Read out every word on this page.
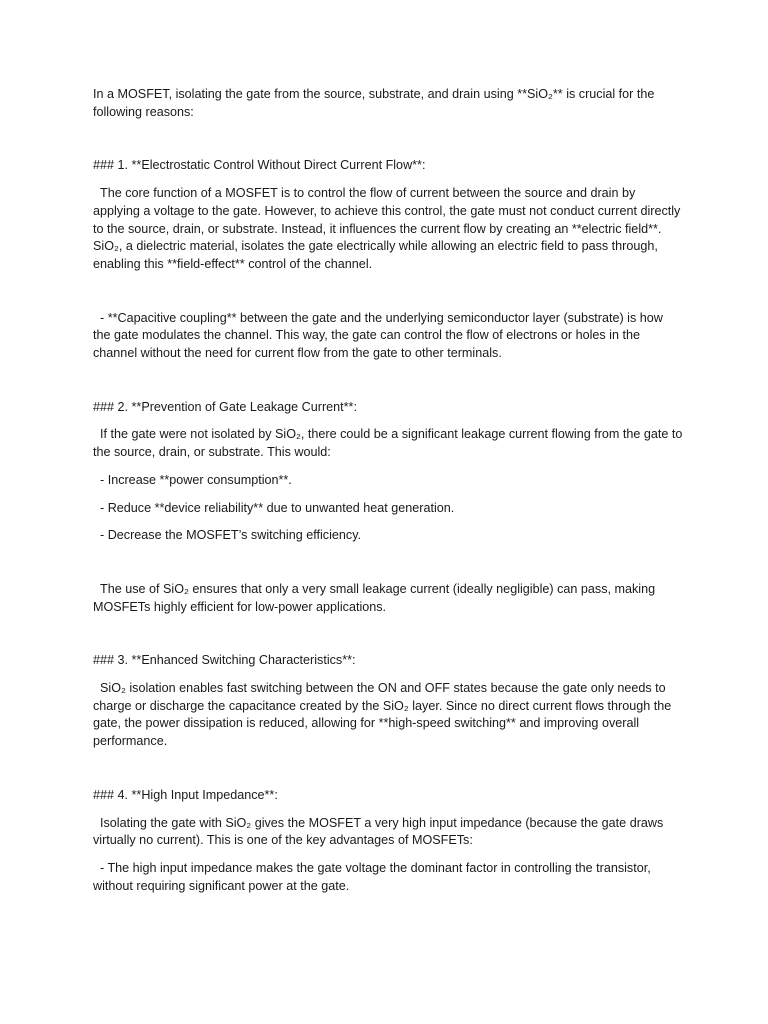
In a MOSFET, isolating the gate from the source, substrate, and drain using **SiO₂** is crucial for the following reasons:

### 1. **Electrostatic Control Without Direct Current Flow**:

The core function of a MOSFET is to control the flow of current between the source and drain by applying a voltage to the gate. However, to achieve this control, the gate must not conduct current directly to the source, drain, or substrate. Instead, it influences the current flow by creating an **electric field**. SiO₂, a dielectric material, isolates the gate electrically while allowing an electric field to pass through, enabling this **field-effect** control of the channel.

- **Capacitive coupling** between the gate and the underlying semiconductor layer (substrate) is how the gate modulates the channel. This way, the gate can control the flow of electrons or holes in the channel without the need for current flow from the gate to other terminals.

### 2. **Prevention of Gate Leakage Current**:

If the gate were not isolated by SiO₂, there could be a significant leakage current flowing from the gate to the source, drain, or substrate. This would:

- Increase **power consumption**.

- Reduce **device reliability** due to unwanted heat generation.

- Decrease the MOSFET’s switching efficiency.

The use of SiO₂ ensures that only a very small leakage current (ideally negligible) can pass, making MOSFETs highly efficient for low-power applications.

### 3. **Enhanced Switching Characteristics**:

SiO₂ isolation enables fast switching between the ON and OFF states because the gate only needs to charge or discharge the capacitance created by the SiO₂ layer. Since no direct current flows through the gate, the power dissipation is reduced, allowing for **high-speed switching** and improving overall performance.

### 4. **High Input Impedance**:

Isolating the gate with SiO₂ gives the MOSFET a very high input impedance (because the gate draws virtually no current). This is one of the key advantages of MOSFETs:

- The high input impedance makes the gate voltage the dominant factor in controlling the transistor, without requiring significant power at the gate.
